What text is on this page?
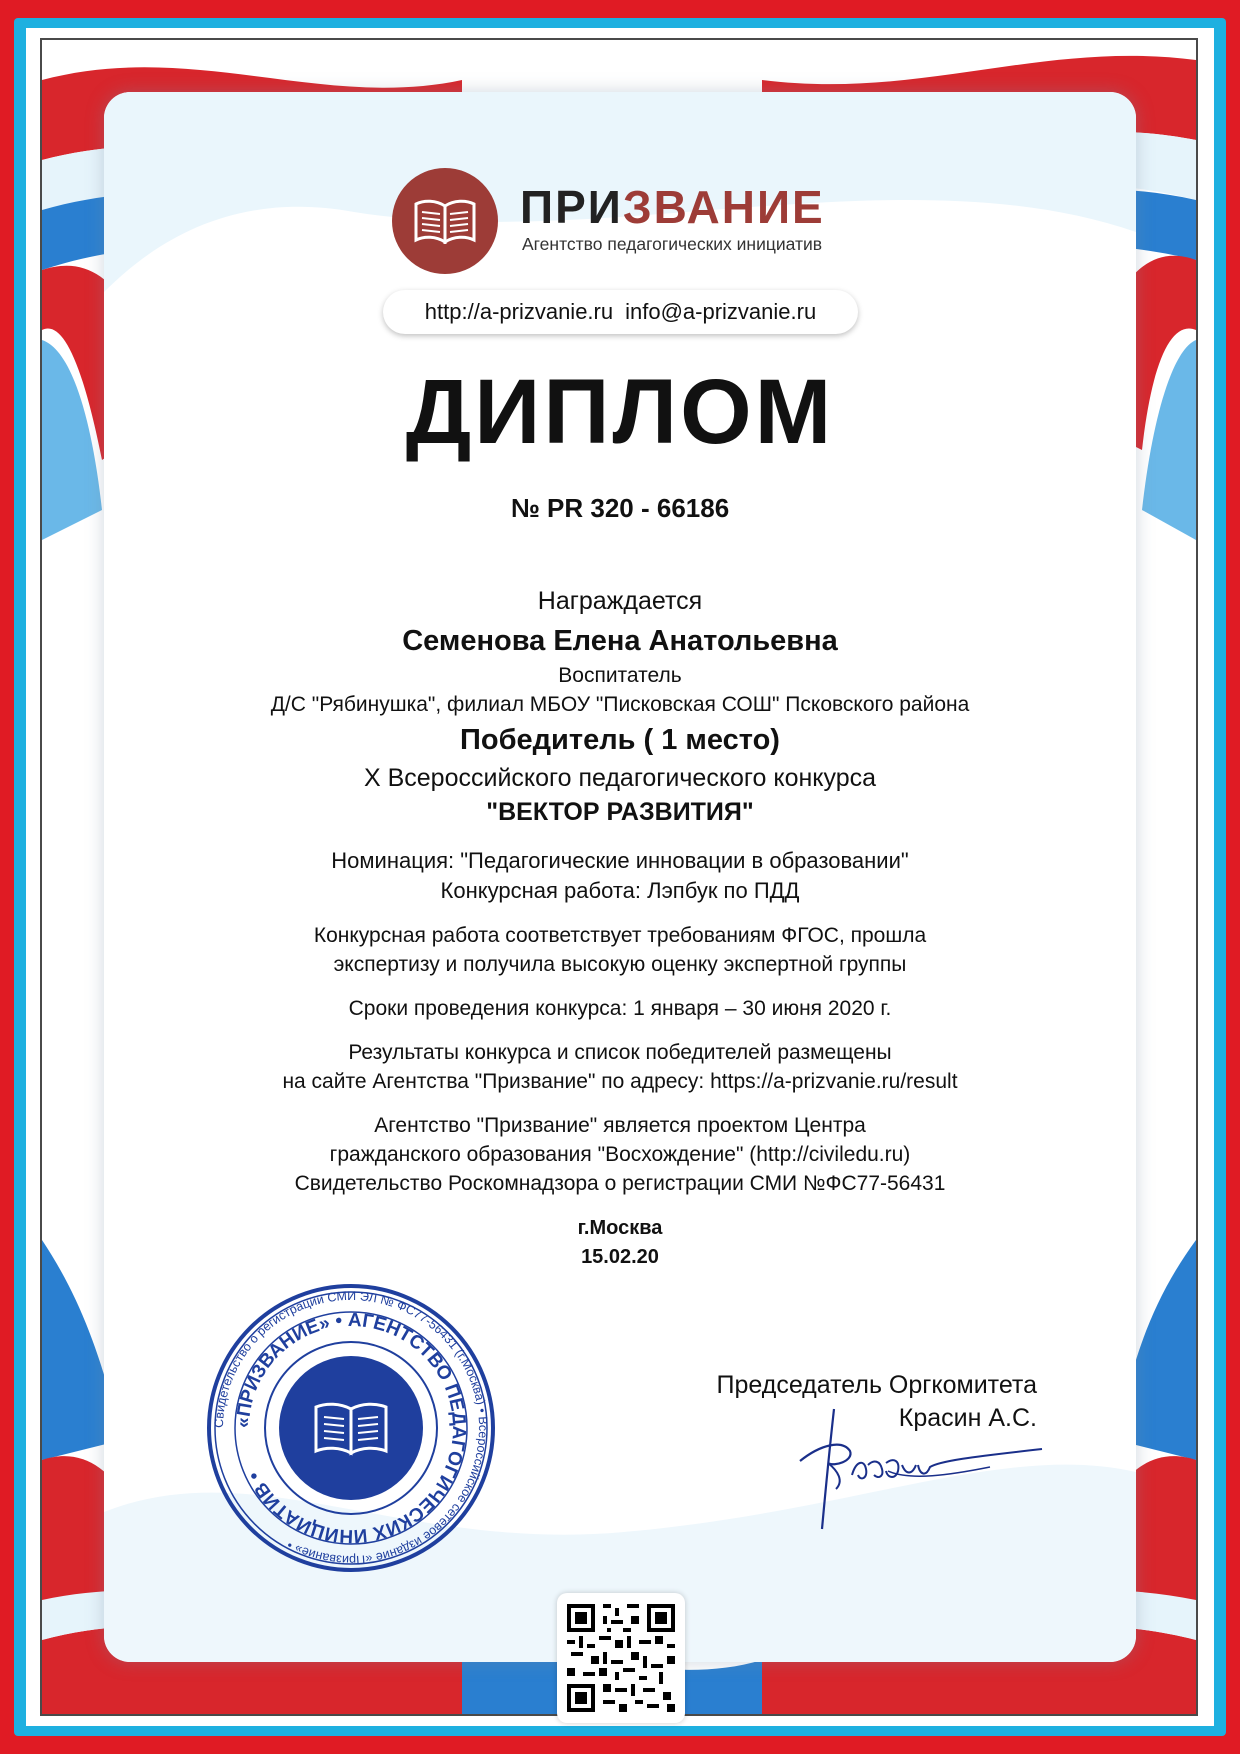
ПРИЗВАНИЕ
Агентство педагогических инициатив
http://a-prizvanie.ru info@a-prizvanie.ru
ДИПЛОМ
№ PR 320 - 66186
Награждается
Семенова Елена Анатольевна
Воспитатель
Д/С "Рябинушка", филиал МБОУ "Писковская СОШ" Псковского района
Победитель ( 1 место)
X Всероссийского педагогического конкурса
"ВЕКТОР РАЗВИТИЯ"
Номинация: "Педагогические инновации в образовании"
Конкурсная работа: Лэпбук по ПДД
Конкурсная работа соответствует требованиям ФГОС, прошла
экспертизу и получила высокую оценку экспертной группы
Сроки проведения конкурса: 1 января – 30 июня 2020 г.
Результаты конкурса и список победителей размещены
на сайте Агентства "Призвание" по адресу: https://a-prizvanie.ru/result
Агентство "Призвание" является проектом Центра
гражданского образования "Восхождение" (http://civiledu.ru)
Свидетельство Роскомнадзора о регистрации СМИ №ФС77-56431
г.Москва
15.02.20
Свидетельство о регистрации СМИ ЭЛ № ФС77-56431 (г.Москва) • Всероссийское сетевое издание «Призвание» •
«ПРИЗВАНИЕ» • АГЕНТСТВО ПЕДАГОГИЧЕСКИХ ИНИЦИАТИВ •
Председатель Оргкомитета
Красин А.С.
